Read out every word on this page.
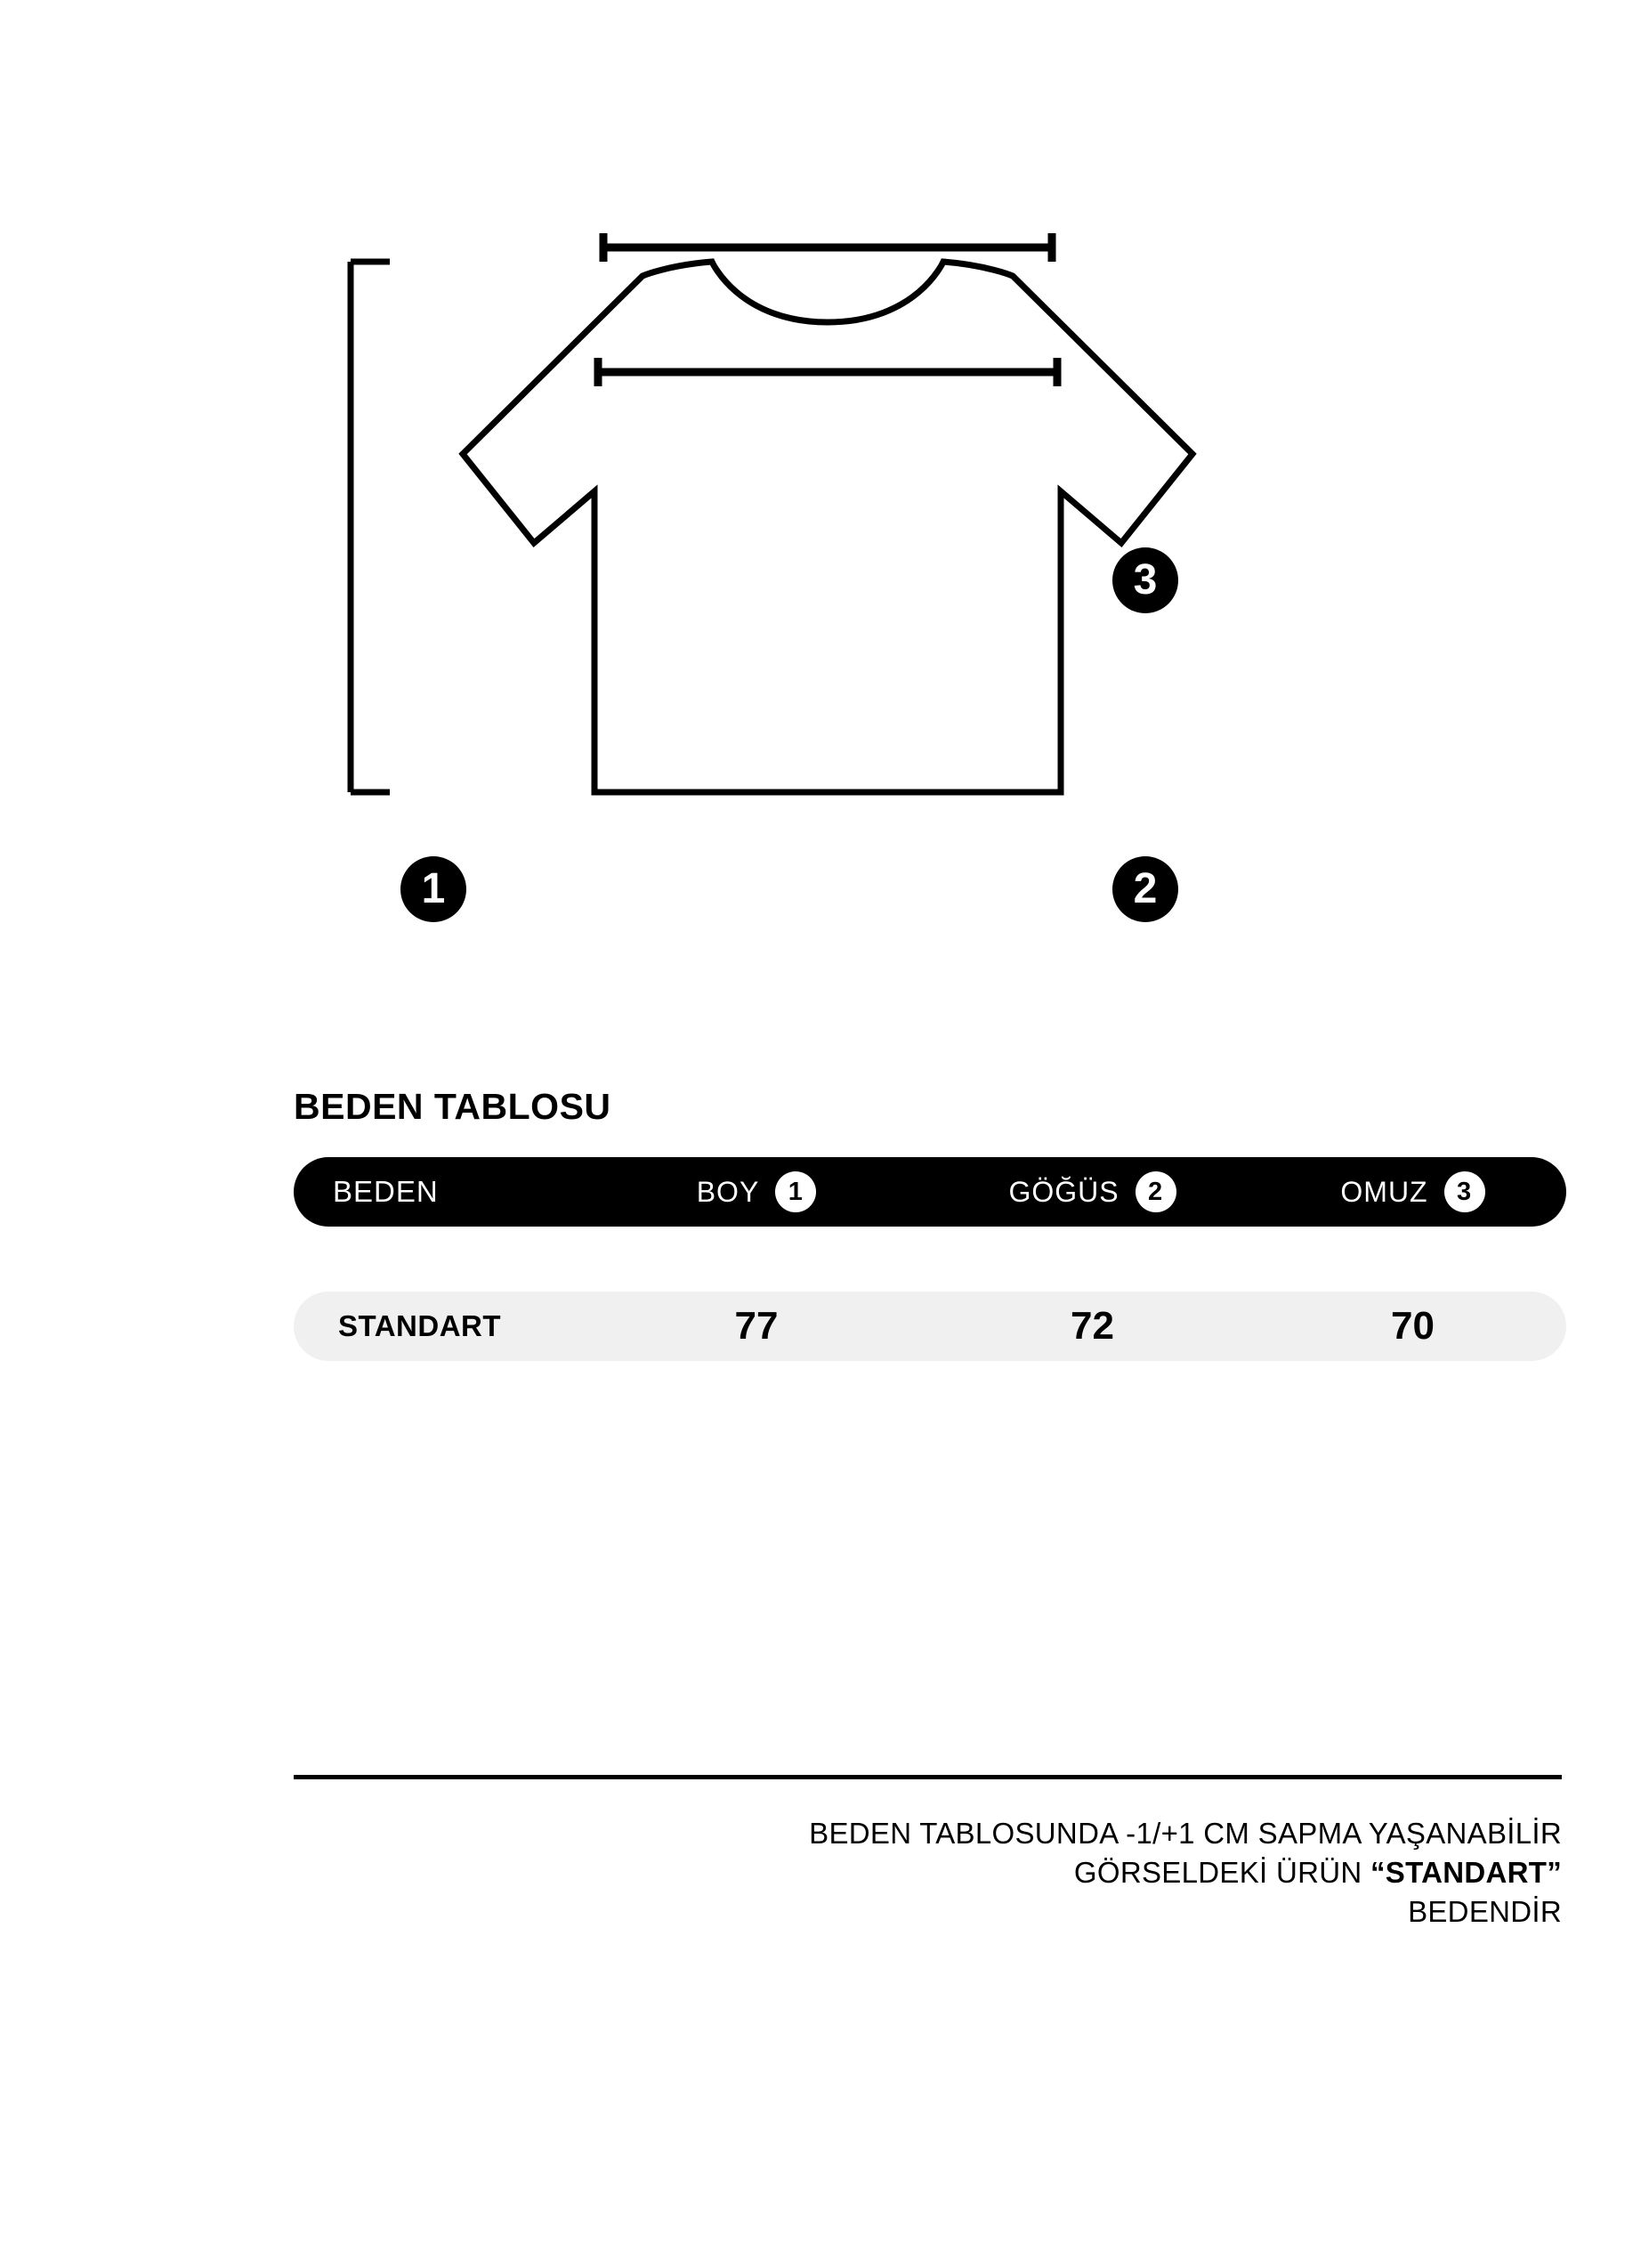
1	2
3
BEDEN TABLOSU
BEDEN	BOY	1	GÖĞÜS	2	OMUZ	3
STANDART	77	72	70
BEDEN TABLOSUNDA -1/+1 CM SAPMA YAŞANABİLİR
GÖRSELDEKİ ÜRÜN “STANDART”
BEDENDİR
